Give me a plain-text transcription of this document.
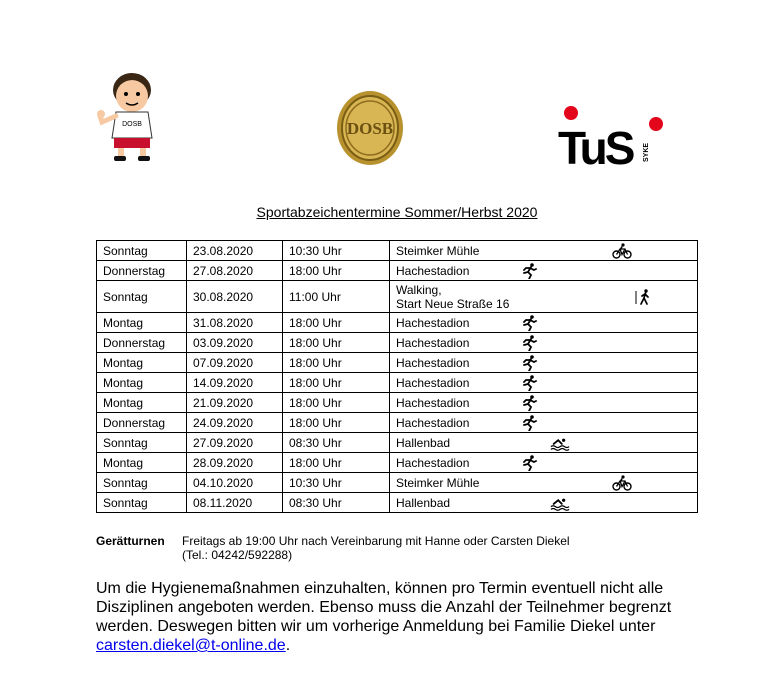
DOSB	DOSB	TuS SYKE
Sportabzeichentermine Sommer/Herbst 2020
Sonntag	23.08.2020	10:30 Uhr	Steimker Mühle

Donnerstag	27.08.2020	18:00 Uhr	Hachestadion

Sonntag	30.08.2020	11:00 Uhr	Walking,
Start Neue Straße 16

Montag	31.08.2020	18:00 Uhr	Hachestadion

Donnerstag	03.09.2020	18:00 Uhr	Hachestadion

Montag	07.09.2020	18:00 Uhr	Hachestadion

Montag	14.09.2020	18:00 Uhr	Hachestadion

Montag	21.09.2020	18:00 Uhr	Hachestadion

Donnerstag	24.09.2020	18:00 Uhr	Hachestadion

Sonntag	27.09.2020	08:30 Uhr	Hallenbad

Montag	28.09.2020	18:00 Uhr	Hachestadion

Sonntag	04.10.2020	10:30 Uhr	Steimker Mühle

Sonntag	08.11.2020	08:30 Uhr	Hallenbad
Gerätturnen Freitags ab 19:00 Uhr nach Vereinbarung mit Hanne oder Carsten Diekel
(Tel.: 04242/592288)
Um die Hygienemaßnahmen einzuhalten, können pro Termin eventuell nicht alle Disziplinen angeboten werden. Ebenso muss die Anzahl der Teilnehmer begrenzt werden. Deswegen bitten wir um vorherige Anmeldung bei Familie Diekel unter carsten.diekel@t-online.de.
